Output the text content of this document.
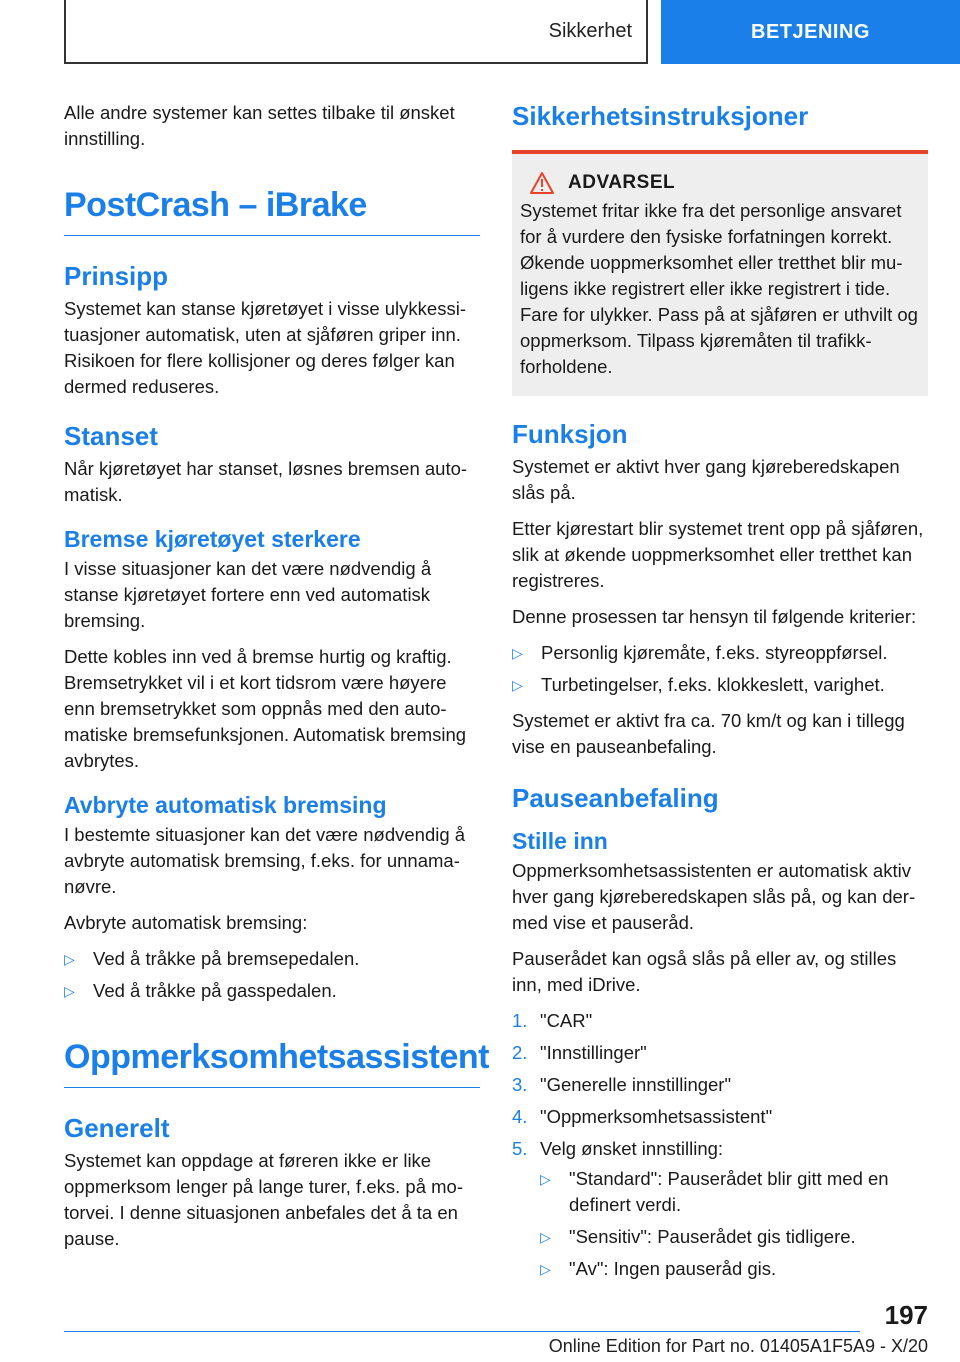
Sikkerhet	BETJENING

Alle andre systemer kan settes tilbake til ønsket innstilling.

PostCrash – iBrake
Prinsipp

Systemet kan stanse kjøretøyet i visse ulykkessituasjoner automatisk, uten at sjåføren griper inn. Risikoen for flere kollisjoner og deres følger kan dermed reduseres.

Stanset

Når kjøretøyet har stanset, løsnes bremsen automatisk.

Bremse kjøretøyet sterkere

I visse situasjoner kan det være nødvendig å stanse kjøretøyet fortere enn ved automatisk bremsing.

Dette kobles inn ved å bremse hurtig og kraftig. Bremsetrykket vil i et kort tidsrom være høyere enn bremsetrykket som oppnås med den automatiske bremsefunksjonen. Automatisk bremsing avbrytes.

Avbryte automatisk bremsing

I bestemte situasjoner kan det være nødvendig å avbryte automatisk bremsing, f.eks. for unnamanøvre.

Avbryte automatisk bremsing:

▷ Ved å tråkke på bremsepedalen.
▷ Ved å tråkke på gasspedalen.
Oppmerksomhetsassistent
Generelt

Systemet kan oppdage at føreren ikke er like oppmerksom lenger på lange turer, f.eks. på motorvei. I denne situasjonen anbefales det å ta en pause.

Sikkerhetsinstruksjoner
ADVARSEL

Systemet fritar ikke fra det personlige ansvaret for å vurdere den fysiske forfatningen korrekt. Økende uoppmerksomhet eller tretthet blir muligens ikke registrert eller ikke registrert i tide. Fare for ulykker. Pass på at sjåføren er uthvilt og oppmerksom. Tilpass kjøremåten til trafikkforholdene.

Funksjon

Systemet er aktivt hver gang kjøreberedskapen slås på.

Etter kjørestart blir systemet trent opp på sjåføren, slik at økende uoppmerksomhet eller tretthet kan registreres.

Denne prosessen tar hensyn til følgende kriterier:

▷ Personlig kjøremåte, f.eks. styreoppførsel.
▷ Turbetingelser, f.eks. klokkeslett, varighet.

Systemet er aktivt fra ca. 70 km/t og kan i tillegg vise en pauseanbefaling.

Pauseanbefaling
Stille inn

Oppmerksomhetsassistenten er automatisk aktiv hver gang kjøreberedskapen slås på, og kan dermed vise et pauseråd.

Pauserådet kan også slås på eller av, og stilles inn, med iDrive.

1. "CAR"
2. "Innstillinger"
3. "Generelle innstillinger"
4. "Oppmerksomhetsassistent"
5. Velg ønsket innstilling:
▷ "Standard": Pauserådet blir gitt med en definert verdi.
▷ "Sensitiv": Pauserådet gis tidligere.
▷ "Av": Ingen pauseråd gis.
197
Online Edition for Part no. 01405A1F5A9 - X/20
